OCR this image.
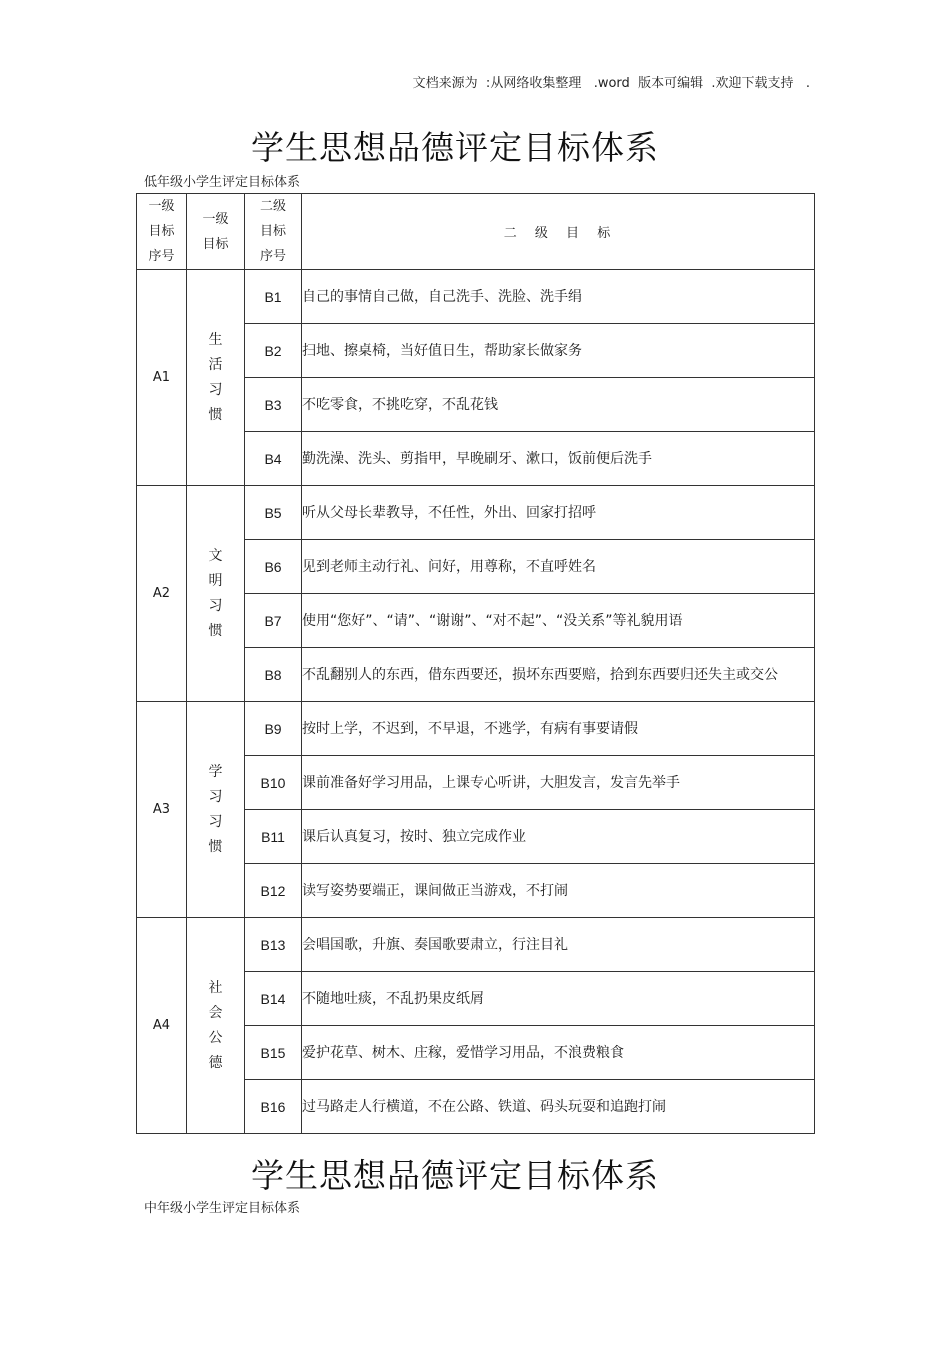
文档来源为  :从网络收集整理   .word  版本可编辑  .欢迎下载支持   .
学生思想品德评定目标体系
低年级小学生评定目标体系
一级目标序号	一级目标	二级目标序号	二 级 目 标
A1	生活习惯	B1	自己的事情自己做，自己洗手、洗脸、洗手绢
		B2	扫地、擦桌椅，当好值日生，帮助家长做家务
		B3	不吃零食，不挑吃穿，不乱花钱
		B4	勤洗澡、洗头、剪指甲，早晚刷牙、漱口，饭前便后洗手
A2	文明习惯	B5	听从父母长辈教导，不任性，外出、回家打招呼
		B6	见到老师主动行礼、问好，用尊称，不直呼姓名
		B7	使用“您好”、“请”、“谢谢”、“对不起”、“没关系”等礼貌用语
		B8	不乱翻别人的东西，借东西要还，损坏东西要赔，拾到东西要归还失主或交公
A3	学习习惯	B9	按时上学，不迟到，不早退，不逃学，有病有事要请假
		B10	课前准备好学习用品，上课专心听讲，大胆发言，发言先举手
		B11	课后认真复习，按时、独立完成作业
		B12	读写姿势要端正，课间做正当游戏，不打闹
A4	社会公德	B13	会唱国歌，升旗、奏国歌要肃立，行注目礼
		B14	不随地吐痰，不乱扔果皮纸屑
		B15	爱护花草、树木、庄稼，爱惜学习用品，不浪费粮食
		B16	过马路走人行横道，不在公路、铁道、码头玩耍和追跑打闹
学生思想品德评定目标体系
中年级小学生评定目标体系
